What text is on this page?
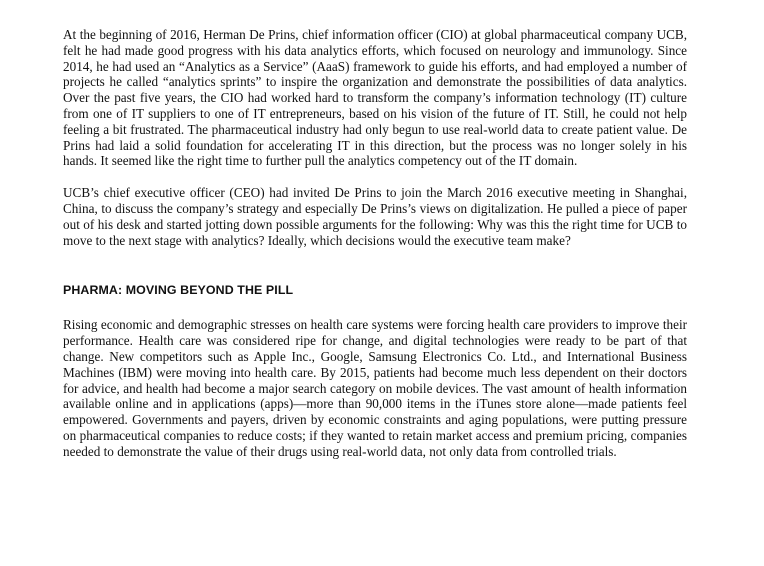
At the beginning of 2016, Herman De Prins, chief information officer (CIO) at global pharmaceutical company UCB, felt he had made good progress with his data analytics efforts, which focused on neurology and immunology. Since 2014, he had used an “Analytics as a Service” (AaaS) framework to guide his efforts, and had employed a number of projects he called “analytics sprints” to inspire the organization and demonstrate the possibilities of data analytics. Over the past five years, the CIO had worked hard to transform the company’s information technology (IT) culture from one of IT suppliers to one of IT entrepreneurs, based on his vision of the future of IT. Still, he could not help feeling a bit frustrated. The pharmaceutical industry had only begun to use real-world data to create patient value. De Prins had laid a solid foundation for accelerating IT in this direction, but the process was no longer solely in his hands. It seemed like the right time to further pull the analytics competency out of the IT domain.

UCB’s chief executive officer (CEO) had invited De Prins to join the March 2016 executive meeting in Shanghai, China, to discuss the company’s strategy and especially De Prins’s views on digitalization. He pulled a piece of paper out of his desk and started jotting down possible arguments for the following: Why was this the right time for UCB to move to the next stage with analytics? Ideally, which decisions would the executive team make?

PHARMA: MOVING BEYOND THE PILL

Rising economic and demographic stresses on health care systems were forcing health care providers to improve their performance. Health care was considered ripe for change, and digital technologies were ready to be part of that change. New competitors such as Apple Inc., Google, Samsung Electronics Co. Ltd., and International Business Machines (IBM) were moving into health care. By 2015, patients had become much less dependent on their doctors for advice, and health had become a major search category on mobile devices. The vast amount of health information available online and in applications (apps)—more than 90,000 items in the iTunes store alone—made patients feel empowered. Governments and payers, driven by economic constraints and aging populations, were putting pressure on pharmaceutical companies to reduce costs; if they wanted to retain market access and premium pricing, companies needed to demonstrate the value of their drugs using real-world data, not only data from controlled trials.
